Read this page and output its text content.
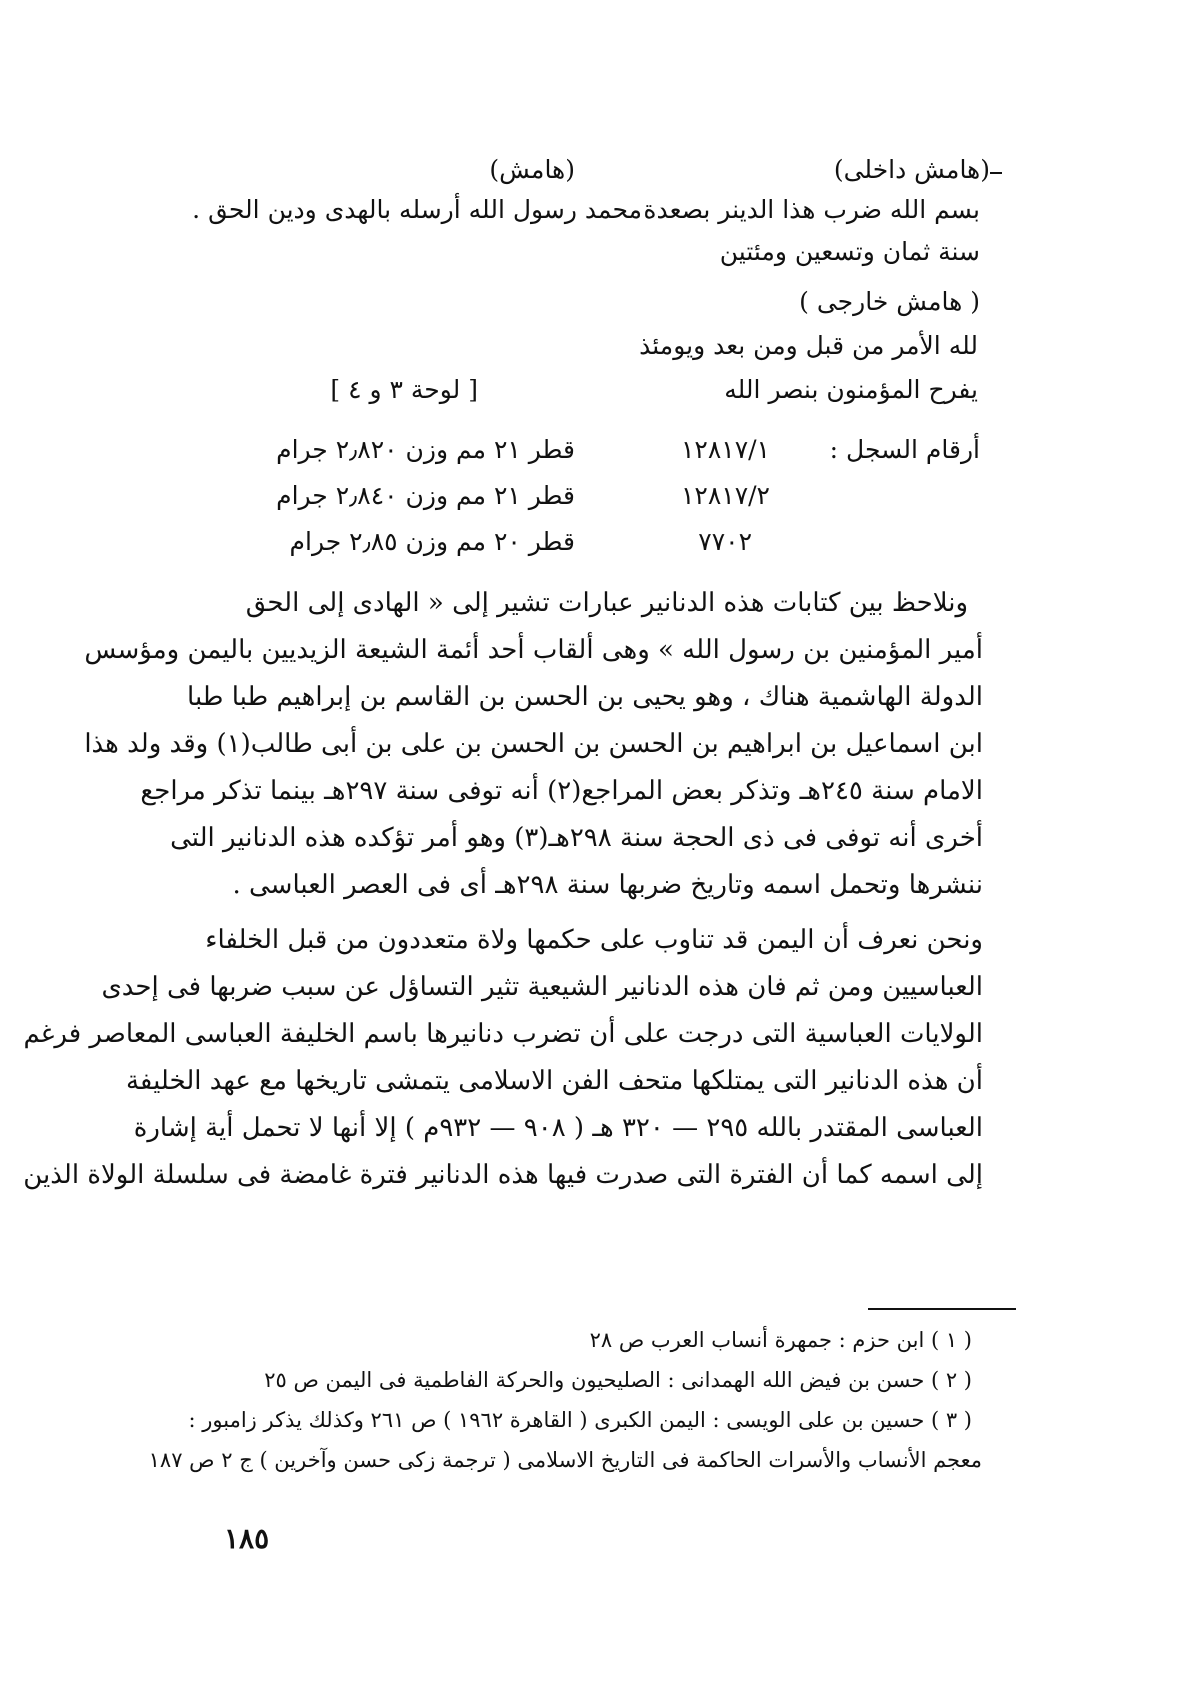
(هامش داخلى)
(هامش)
بسم الله ضرب هذا الدينر بصعدة
محمد رسول الله أرسله بالهدى ودين الحق .
سنة ثمان وتسعين ومئتين
( هامش خارجى )
لله الأمر من قبل ومن بعد ويومئذ
يفرح المؤمنون بنصر الله
[ لوحة ٣ و ٤ ]
أرقام السجل :
١٢٨١٧/١
قطر ٢١ مم وزن ٢٫٨٢٠ جرام
١٢٨١٧/٢
قطر ٢١ مم وزن ٢٫٨٤٠ جرام
٧٧٠٢
قطر ٢٠ مم وزن ٢٫٨٥ جرام
ونلاحظ بين كتابات هذه الدنانير عبارات تشير إلى « الهادى إلى الحق
أمير المؤمنين بن رسول الله » وهى ألقاب أحد أئمة الشيعة الزيديين باليمن ومؤسس
الدولة الهاشمية هناك ، وهو يحيى بن الحسن بن القاسم بن إبراهيم طبا طبا
ابن اسماعيل بن ابراهيم بن الحسن بن الحسن بن على بن أبى طالب(١) وقد ولد هذا
الامام سنة ٢٤٥هـ وتذكر بعض المراجع(٢) أنه توفى سنة ٢٩٧هـ بينما تذكر مراجع
أخرى أنه توفى فى ذى الحجة سنة ٢٩٨هـ(٣) وهو أمر تؤكده هذه الدنانير التى
ننشرها وتحمل اسمه وتاريخ ضربها سنة ٢٩٨هـ أى فى العصر العباسى .
ونحن نعرف أن اليمن قد تناوب على حكمها ولاة متعددون من قبل الخلفاء
العباسيين ومن ثم فان هذه الدنانير الشيعية تثير التساؤل عن سبب ضربها فى إحدى
الولايات العباسية التى درجت على أن تضرب دنانيرها باسم الخليفة العباسى المعاصر فرغم
أن هذه الدنانير التى يمتلكها متحف الفن الاسلامى يتمشى تاريخها مع عهد الخليفة
العباسى المقتدر بالله ٢٩٥ — ٣٢٠ هـ ( ٩٠٨ — ٩٣٢م ) إلا أنها لا تحمل أية إشارة
إلى اسمه كما أن الفترة التى صدرت فيها هذه الدنانير فترة غامضة فى سلسلة الولاة الذين
( ١ ) ابن حزم : جمهرة أنساب العرب ص ٢٨
( ٢ ) حسن بن فيض الله الهمدانى : الصليحيون والحركة الفاطمية فى اليمن ص ٢٥
( ٣ ) حسين بن على الويسى : اليمن الكبرى ( القاهرة ١٩٦٢ ) ص ٢٦١ وكذلك يذكر زامبور :
معجم الأنساب والأسرات الحاكمة فى التاريخ الاسلامى ( ترجمة زكى حسن وآخرين ) ج ٢ ص ١٨٧
١٨٥
